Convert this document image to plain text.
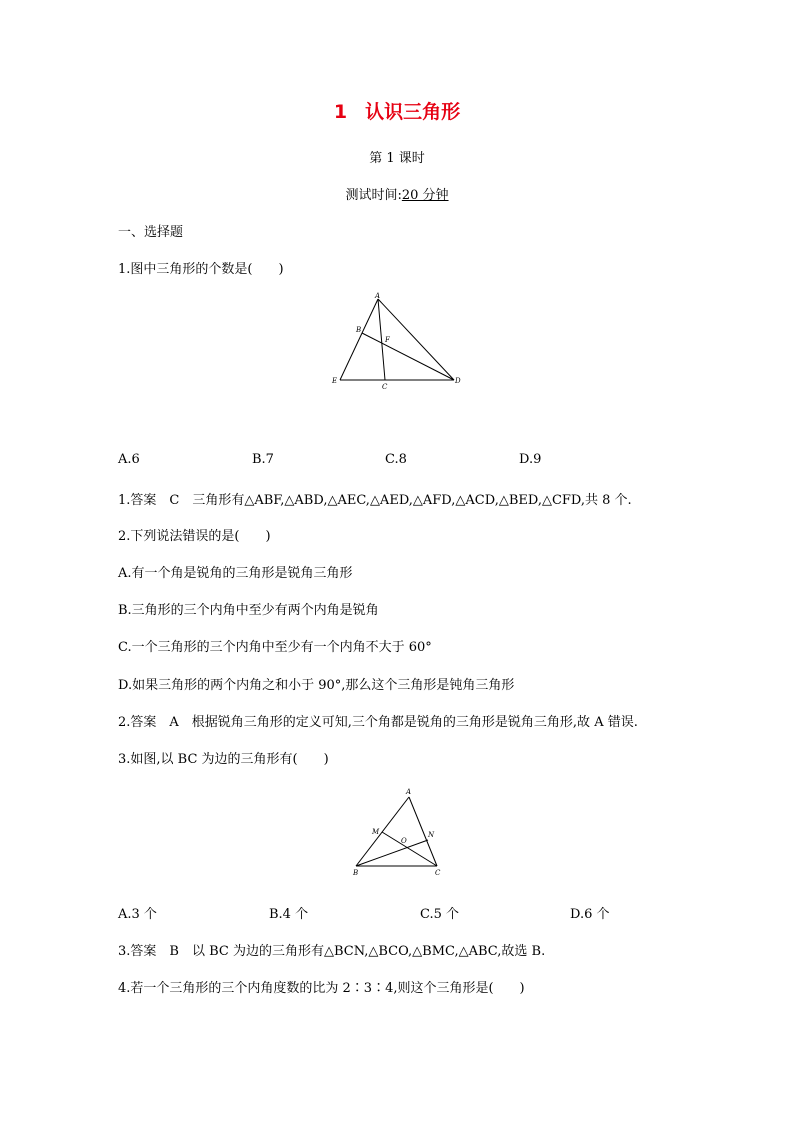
1 认识三角形
第 1 课时
测试时间:20 分钟
一、选择题
1.图中三角形的个数是(　　)
A
B
F
E
C
D
A.6	B.7	C.8	D.9
1.答案　C　三角形有△ABF,△ABD,△AEC,△AED,△AFD,△ACD,△BED,△CFD,共 8 个.
2.下列说法错误的是(　　)
A.有一个角是锐角的三角形是锐角三角形
B.三角形的三个内角中至少有两个内角是锐角
C.一个三角形的三个内角中至少有一个内角不大于 60°
D.如果三角形的两个内角之和小于 90°,那么这个三角形是钝角三角形
2.答案　A　根据锐角三角形的定义可知,三个角都是锐角的三角形是锐角三角形,故 A 错误.
3.如图,以 BC 为边的三角形有(　　)
A
M	N
O
B	C
A.3 个	B.4 个	C.5 个	D.6 个
3.答案　B　以 BC 为边的三角形有△BCN,△BCO,△BMC,△ABC,故选 B.
4.若一个三角形的三个内角度数的比为 2∶3∶4,则这个三角形是(　　)
